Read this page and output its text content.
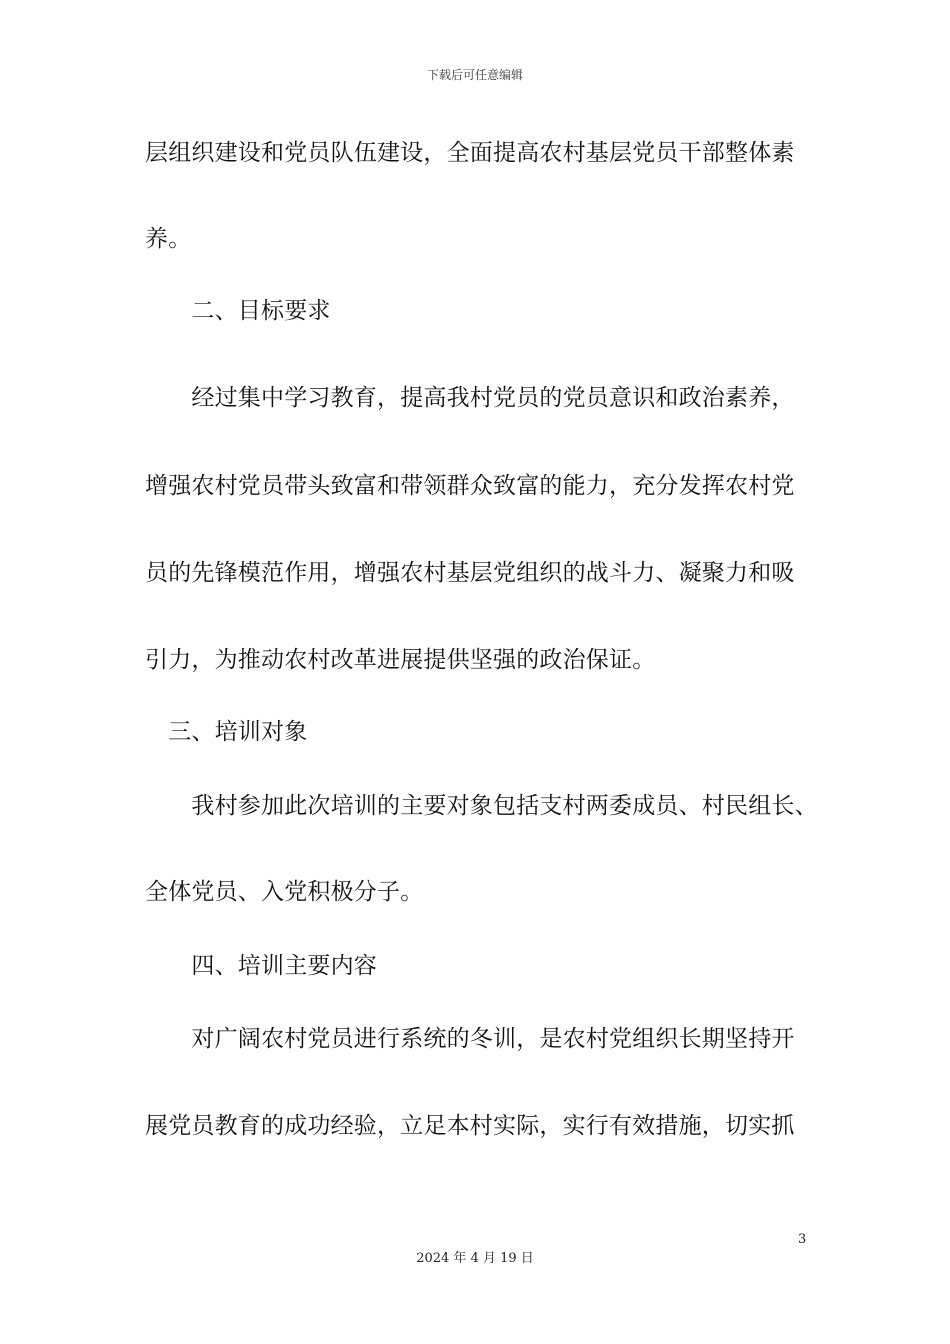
下载后可任意编辑
层组织建设和党员队伍建设，全面提高农村基层党员干部整体素
养。
　　二、目标要求
　　经过集中学习教育，提高我村党员的党员意识和政治素养，
增强农村党员带头致富和带领群众致富的能力，充分发挥农村党
员的先锋模范作用，增强农村基层党组织的战斗力、凝聚力和吸
引力，为推动农村改革进展提供坚强的政治保证。
　三、培训对象
　　我村参加此次培训的主要对象包括支村两委成员、村民组长、
全体党员、入党积极分子。
　　四、培训主要内容
　　对广阔农村党员进行系统的冬训，是农村党组织长期坚持开
展党员教育的成功经验，立足本村实际，实行有效措施，切实抓
3
2024 年 4 月 19 日
